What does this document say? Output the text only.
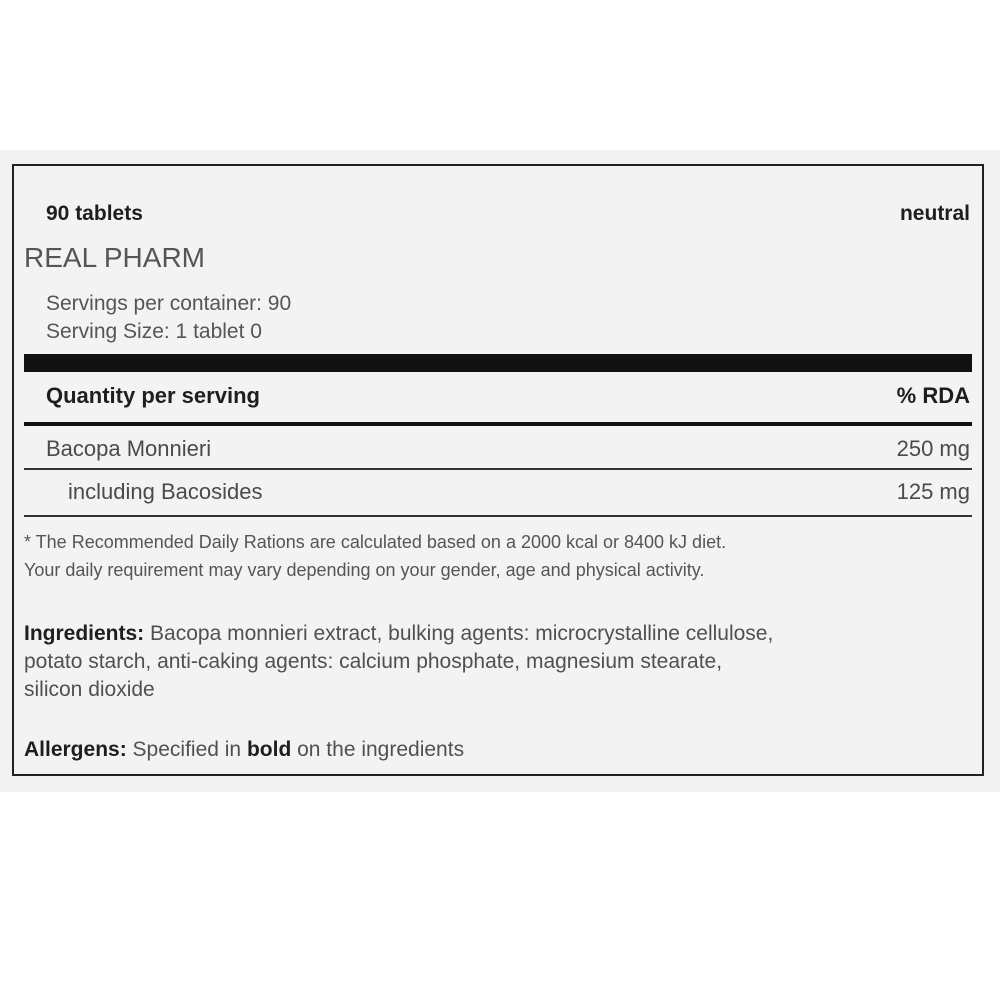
90 tablets	neutral
REAL PHARM
Servings per container: 90
Serving Size: 1 tablet 0
Quantity per serving	% RDA
Bacopa Monnieri	250 mg
including Bacosides	125 mg
* The Recommended Daily Rations are calculated based on a 2000 kcal or 8400 kJ diet.
Your daily requirement may vary depending on your gender, age and physical activity.
Ingredients: Bacopa monnieri extract, bulking agents: microcrystalline cellulose,
potato starch, anti-caking agents: calcium phosphate, magnesium stearate,
silicon dioxide
Allergens: Specified in bold on the ingredients
